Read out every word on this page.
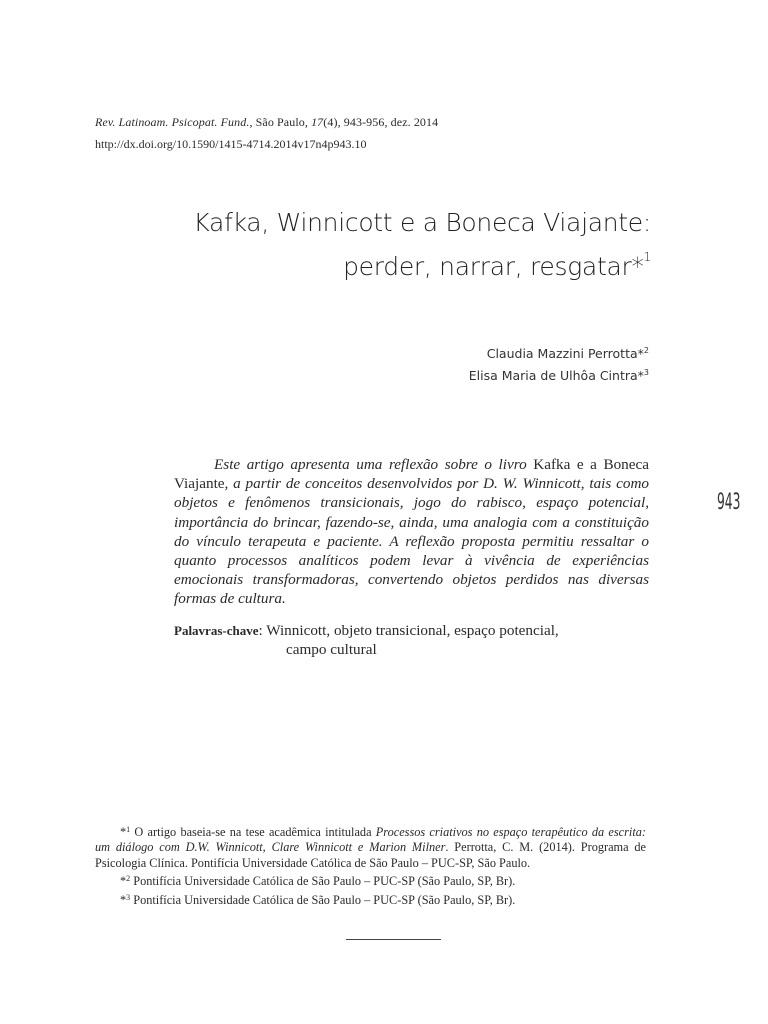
Rev. Latinoam. Psicopat. Fund., São Paulo, 17(4), 943-956, dez. 2014
http://dx.doi.org/10.1590/1415-4714.2014v17n4p943.10
Kafka, Winnicott e a Boneca Viajante:
perder, narrar, resgatar*$^1$
Claudia Mazzini Perrotta*$^2$
Elisa Maria de Ulhôa Cintra*$^3$
943

Este artigo apresenta uma reflexão sobre o livro Kafka e a Boneca Viajante, a partir de conceitos desenvolvidos por D. W. Winnicott, tais como objetos e fenômenos transicionais, jogo do rabisco, espaço potencial, importância do brincar, fazendo-se, ainda, uma analogia com a constituição do vínculo terapeuta e paciente. A reflexão proposta permitiu ressaltar o quanto processos analíticos podem levar à vivência de experiências emocionais transformadoras, convertendo objetos perdidos nas diversas formas de cultura.

Palavras-chave: Winnicott, objeto transicional, espaço potencial,
campo cultural

*$^1$ O artigo baseia-se na tese acadêmica intitulada Processos criativos no espaço terapêutico da escrita: um diálogo com D.W. Winnicott, Clare Winnicott e Marion Milner. Perrotta, C. M. (2014). Programa de Psicologia Clínica. Pontifícia Universidade Católica de São Paulo – PUC-SP, São Paulo.

*$^2$ Pontifícia Universidade Católica de São Paulo – PUC-SP (São Paulo, SP, Br).

*$^3$ Pontifícia Universidade Católica de São Paulo – PUC-SP (São Paulo, SP, Br).
